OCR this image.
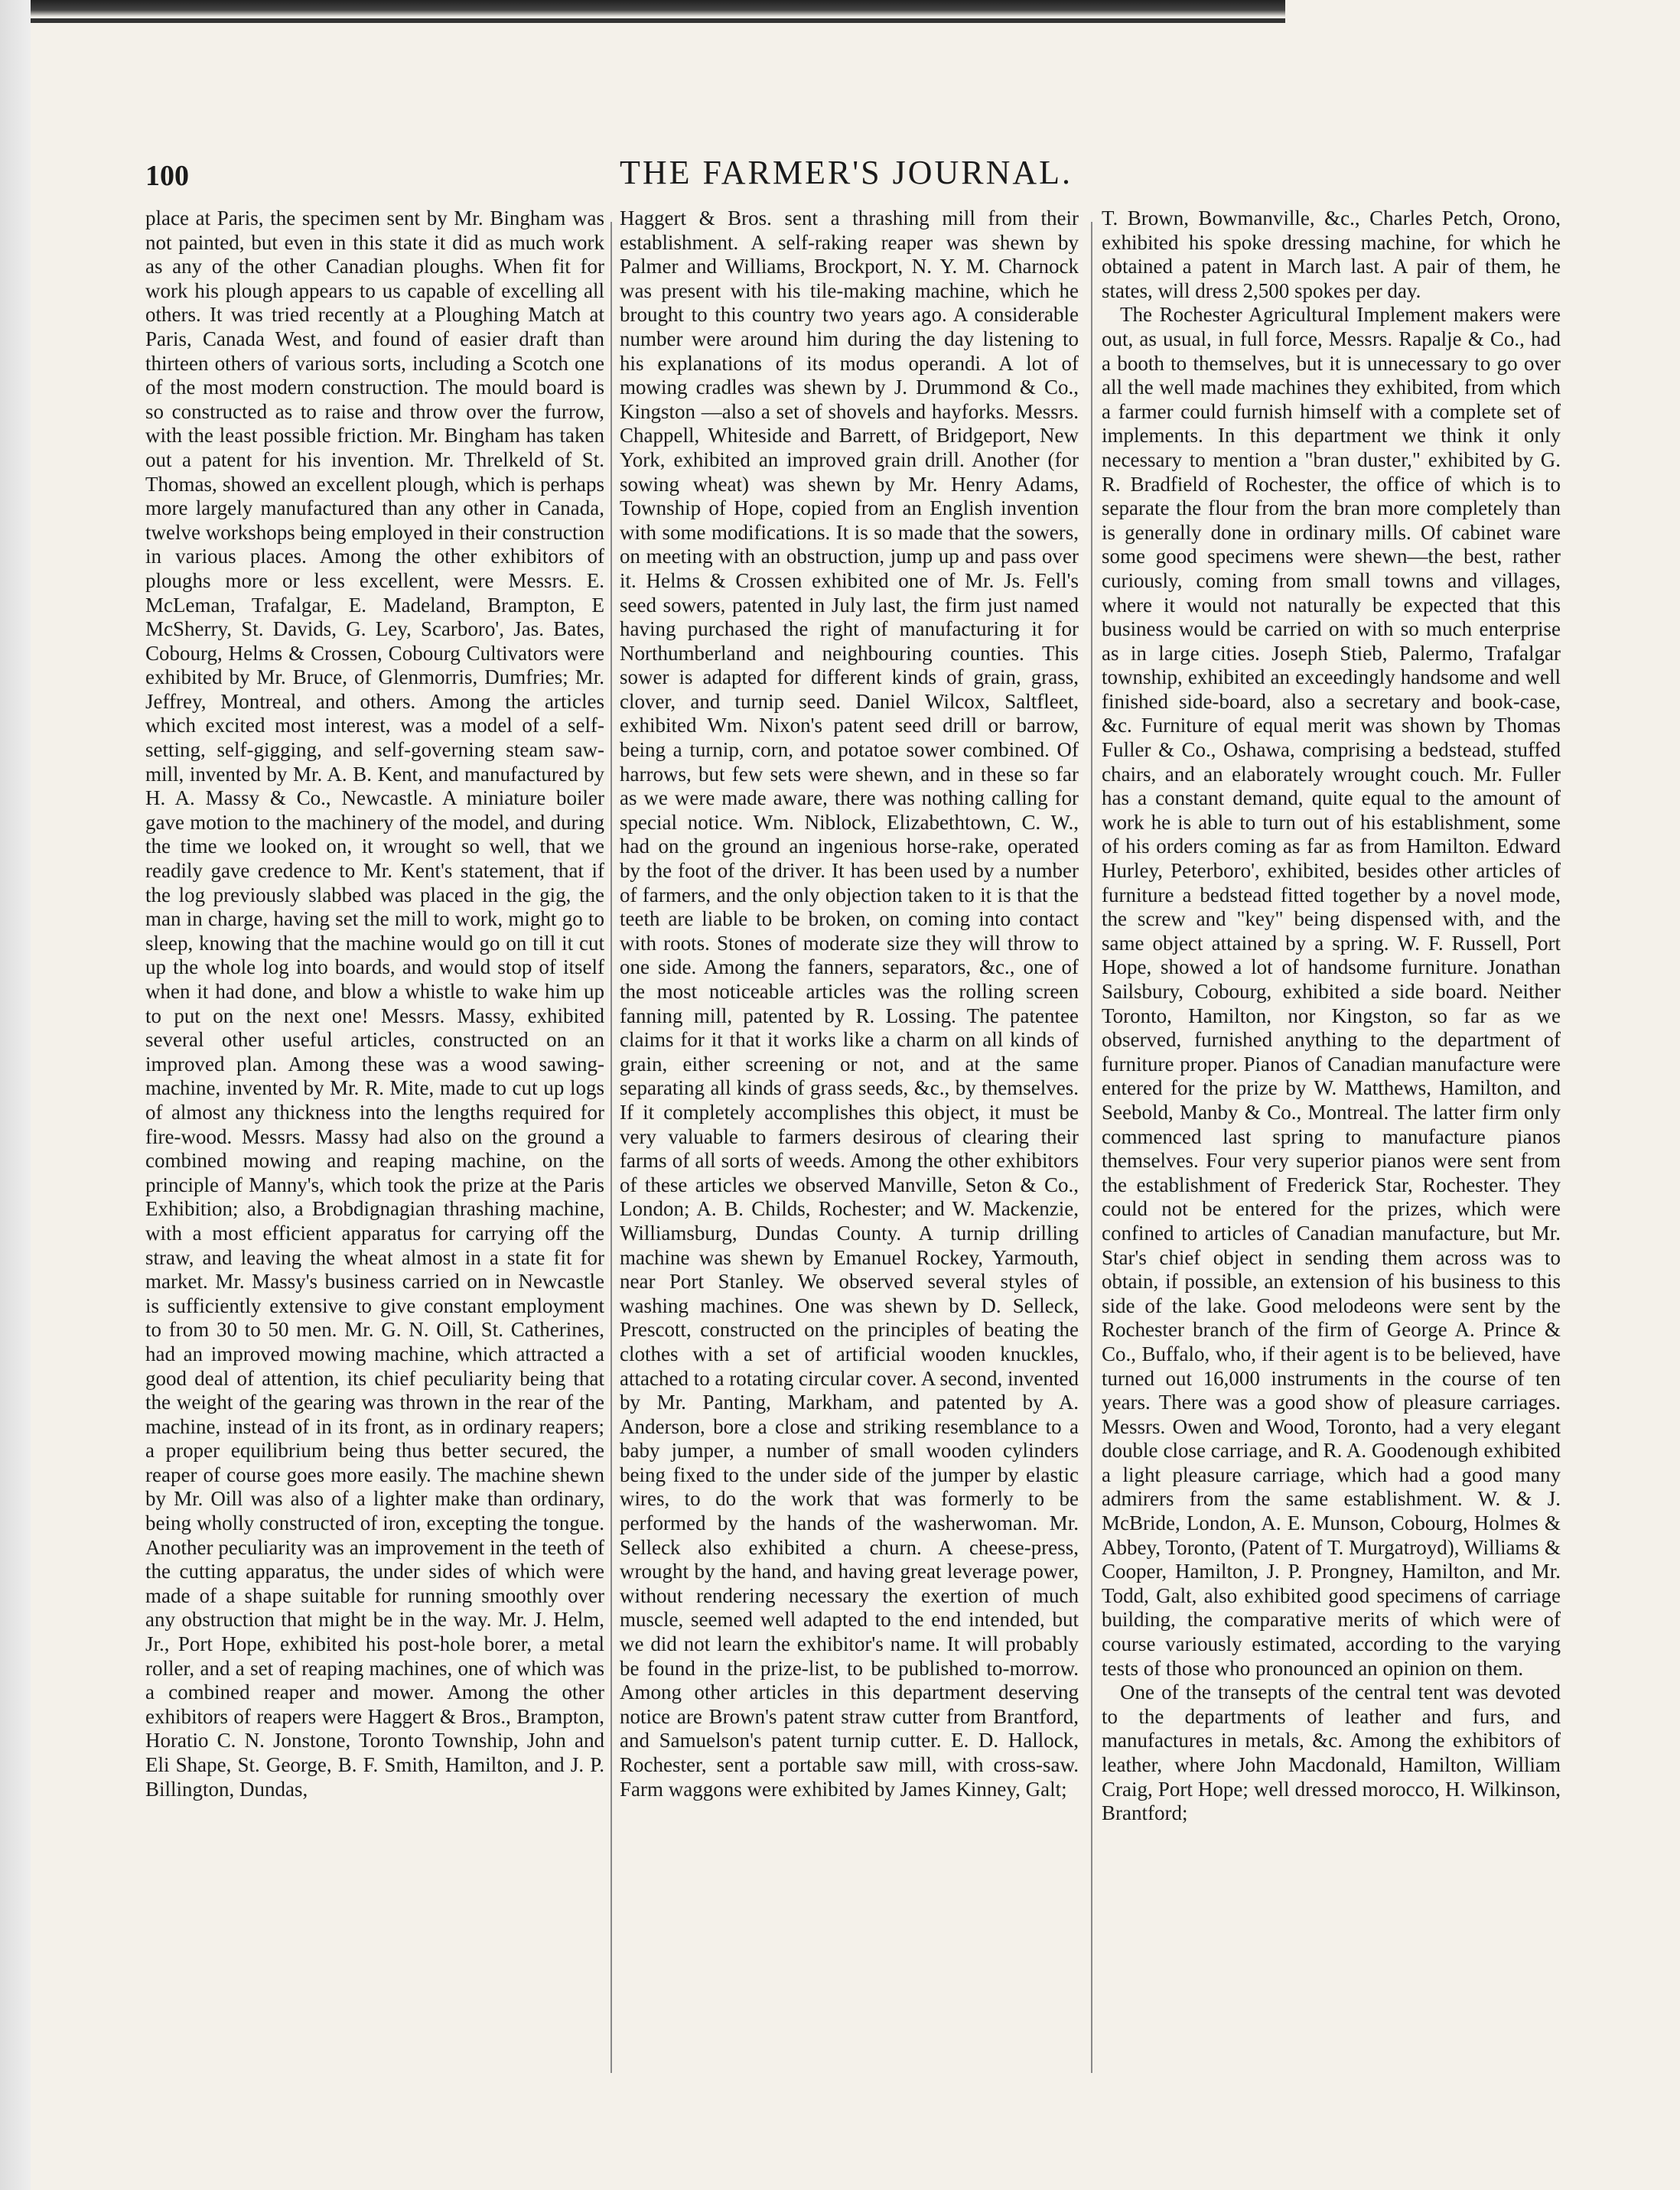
100	THE FARMER'S JOURNAL.

place at Paris, the specimen sent by Mr. Bingham was not painted, but even in this state it did as much work as any of the other Canadian ploughs. When fit for work his plough appears to us capable of excelling all others. It was tried recently at a Ploughing Match at Paris, Canada West, and found of easier draft than thirteen others of various sorts, including a Scotch one of the most modern construction. The mould board is so constructed as to raise and throw over the furrow, with the least possible friction. Mr. Bingham has taken out a patent for his invention. Mr. Threlkeld of St. Thomas, showed an excellent plough, which is perhaps more largely manufactured than any other in Canada, twelve workshops being employed in their construction in various places. Among the other exhibitors of ploughs more or less excellent, were Messrs. E. McLeman, Trafalgar, E. Madeland, Brampton, E McSherry, St. Davids, G. Ley, Scarboro', Jas. Bates, Cobourg, Helms & Crossen, Cobourg Cultivators were exhibited by Mr. Bruce, of Glenmorris, Dumfries; Mr. Jeffrey, Montreal, and others. Among the articles which excited most interest, was a model of a self-setting, self-gigging, and self-governing steam saw-mill, invented by Mr. A. B. Kent, and manufactured by H. A. Massy & Co., Newcastle. A miniature boiler gave motion to the machinery of the model, and during the time we looked on, it wrought so well, that we readily gave credence to Mr. Kent's statement, that if the log previously slabbed was placed in the gig, the man in charge, having set the mill to work, might go to sleep, knowing that the machine would go on till it cut up the whole log into boards, and would stop of itself when it had done, and blow a whistle to wake him up to put on the next one! Messrs. Massy, exhibited several other useful articles, constructed on an improved plan. Among these was a wood sawing-machine, invented by Mr. R. Mite, made to cut up logs of almost any thickness into the lengths required for fire-wood. Messrs. Massy had also on the ground a combined mowing and reaping machine, on the principle of Manny's, which took the prize at the Paris Exhibition; also, a Brobdignagian thrashing machine, with a most efficient apparatus for carrying off the straw, and leaving the wheat almost in a state fit for market. Mr. Massy's business carried on in Newcastle is sufficiently extensive to give constant employment to from 30 to 50 men. Mr. G. N. Oill, St. Catherines, had an improved mowing machine, which attracted a good deal of attention, its chief peculiarity being that the weight of the gearing was thrown in the rear of the machine, instead of in its front, as in ordinary reapers; a proper equilibrium being thus better secured, the reaper of course goes more easily. The machine shewn by Mr. Oill was also of a lighter make than ordinary, being wholly constructed of iron, excepting the tongue. Another peculiarity was an improvement in the teeth of the cutting apparatus, the under sides of which were made of a shape suitable for running smoothly over any obstruction that might be in the way. Mr. J. Helm, Jr., Port Hope, exhibited his post-hole borer, a metal roller, and a set of reaping machines, one of which was a combined reaper and mower. Among the other exhibitors of reapers were Haggert & Bros., Brampton, Horatio C. N. Jonstone, Toronto Township, John and Eli Shape, St. George, B. F. Smith, Hamilton, and J. P. Billington, Dundas,

Haggert & Bros. sent a thrashing mill from their establishment. A self-raking reaper was shewn by Palmer and Williams, Brockport, N. Y. M. Charnock was present with his tile-making machine, which he brought to this country two years ago. A considerable number were around him during the day listening to his explanations of its modus operandi. A lot of mowing cradles was shewn by J. Drummond & Co., Kingston —also a set of shovels and hayforks. Messrs. Chappell, Whiteside and Barrett, of Bridgeport, New York, exhibited an improved grain drill. Another (for sowing wheat) was shewn by Mr. Henry Adams, Township of Hope, copied from an English invention with some modifications. It is so made that the sowers, on meeting with an obstruction, jump up and pass over it. Helms & Crossen exhibited one of Mr. Js. Fell's seed sowers, patented in July last, the firm just named having purchased the right of manufacturing it for Northumberland and neighbouring counties. This sower is adapted for different kinds of grain, grass, clover, and turnip seed. Daniel Wilcox, Saltfleet, exhibited Wm. Nixon's patent seed drill or barrow, being a turnip, corn, and potatoe sower combined. Of harrows, but few sets were shewn, and in these so far as we were made aware, there was nothing calling for special notice. Wm. Niblock, Elizabethtown, C. W., had on the ground an ingenious horse-rake, operated by the foot of the driver. It has been used by a number of farmers, and the only objection taken to it is that the teeth are liable to be broken, on coming into contact with roots. Stones of moderate size they will throw to one side. Among the fanners, separators, &c., one of the most noticeable articles was the rolling screen fanning mill, patented by R. Lossing. The patentee claims for it that it works like a charm on all kinds of grain, either screening or not, and at the same separating all kinds of grass seeds, &c., by themselves. If it completely accomplishes this object, it must be very valuable to farmers desirous of clearing their farms of all sorts of weeds. Among the other exhibitors of these articles we observed Manville, Seton & Co., London; A. B. Childs, Rochester; and W. Mackenzie, Williamsburg, Dundas County. A turnip drilling machine was shewn by Emanuel Rockey, Yarmouth, near Port Stanley. We observed several styles of washing machines. One was shewn by D. Selleck, Prescott, constructed on the principles of beating the clothes with a set of artificial wooden knuckles, attached to a rotating circular cover. A second, invented by Mr. Panting, Markham, and patented by A. Anderson, bore a close and striking resemblance to a baby jumper, a number of small wooden cylinders being fixed to the under side of the jumper by elastic wires, to do the work that was formerly to be performed by the hands of the washerwoman. Mr. Selleck also exhibited a churn. A cheese-press, wrought by the hand, and having great leverage power, without rendering necessary the exertion of much muscle, seemed well adapted to the end intended, but we did not learn the exhibitor's name. It will probably be found in the prize-list, to be published to-morrow. Among other articles in this department deserving notice are Brown's patent straw cutter from Brantford, and Samuelson's patent turnip cutter. E. D. Hallock, Rochester, sent a portable saw mill, with cross-saw. Farm waggons were exhibited by James Kinney, Galt;

T. Brown, Bowmanville, &c., Charles Petch, Orono, exhibited his spoke dressing machine, for which he obtained a patent in March last. A pair of them, he states, will dress 2,500 spokes per day.

The Rochester Agricultural Implement makers were out, as usual, in full force, Messrs. Rapalje & Co., had a booth to themselves, but it is unnecessary to go over all the well made machines they exhibited, from which a farmer could furnish himself with a complete set of implements. In this department we think it only necessary to mention a "bran duster," exhibited by G. R. Bradfield of Rochester, the office of which is to separate the flour from the bran more completely than is generally done in ordinary mills. Of cabinet ware some good specimens were shewn—the best, rather curiously, coming from small towns and villages, where it would not naturally be expected that this business would be carried on with so much enterprise as in large cities. Joseph Stieb, Palermo, Trafalgar township, exhibited an exceedingly handsome and well finished side-board, also a secretary and book-case, &c. Furniture of equal merit was shown by Thomas Fuller & Co., Oshawa, comprising a bedstead, stuffed chairs, and an elaborately wrought couch. Mr. Fuller has a constant demand, quite equal to the amount of work he is able to turn out of his establishment, some of his orders coming as far as from Hamilton. Edward Hurley, Peterboro', exhibited, besides other articles of furniture a bedstead fitted together by a novel mode, the screw and "key" being dispensed with, and the same object attained by a spring. W. F. Russell, Port Hope, showed a lot of handsome furniture. Jonathan Sailsbury, Cobourg, exhibited a side board. Neither Toronto, Hamilton, nor Kingston, so far as we observed, furnished anything to the department of furniture proper. Pianos of Canadian manufacture were entered for the prize by W. Matthews, Hamilton, and Seebold, Manby & Co., Montreal. The latter firm only commenced last spring to manufacture pianos themselves. Four very superior pianos were sent from the establishment of Frederick Star, Rochester. They could not be entered for the prizes, which were confined to articles of Canadian manufacture, but Mr. Star's chief object in sending them across was to obtain, if possible, an extension of his business to this side of the lake. Good melodeons were sent by the Rochester branch of the firm of George A. Prince & Co., Buffalo, who, if their agent is to be believed, have turned out 16,000 instruments in the course of ten years. There was a good show of pleasure carriages. Messrs. Owen and Wood, Toronto, had a very elegant double close carriage, and R. A. Goodenough exhibited a light pleasure carriage, which had a good many admirers from the same establishment. W. & J. McBride, London, A. E. Munson, Cobourg, Holmes & Abbey, Toronto, (Patent of T. Murgatroyd), Williams & Cooper, Hamilton, J. P. Prongney, Hamilton, and Mr. Todd, Galt, also exhibited good specimens of carriage building, the comparative merits of which were of course variously estimated, according to the varying tests of those who pronounced an opinion on them.

One of the transepts of the central tent was devoted to the departments of leather and furs, and manufactures in metals, &c. Among the exhibitors of leather, where John Macdonald, Hamilton, William Craig, Port Hope; well dressed morocco, H. Wilkinson, Brantford;
